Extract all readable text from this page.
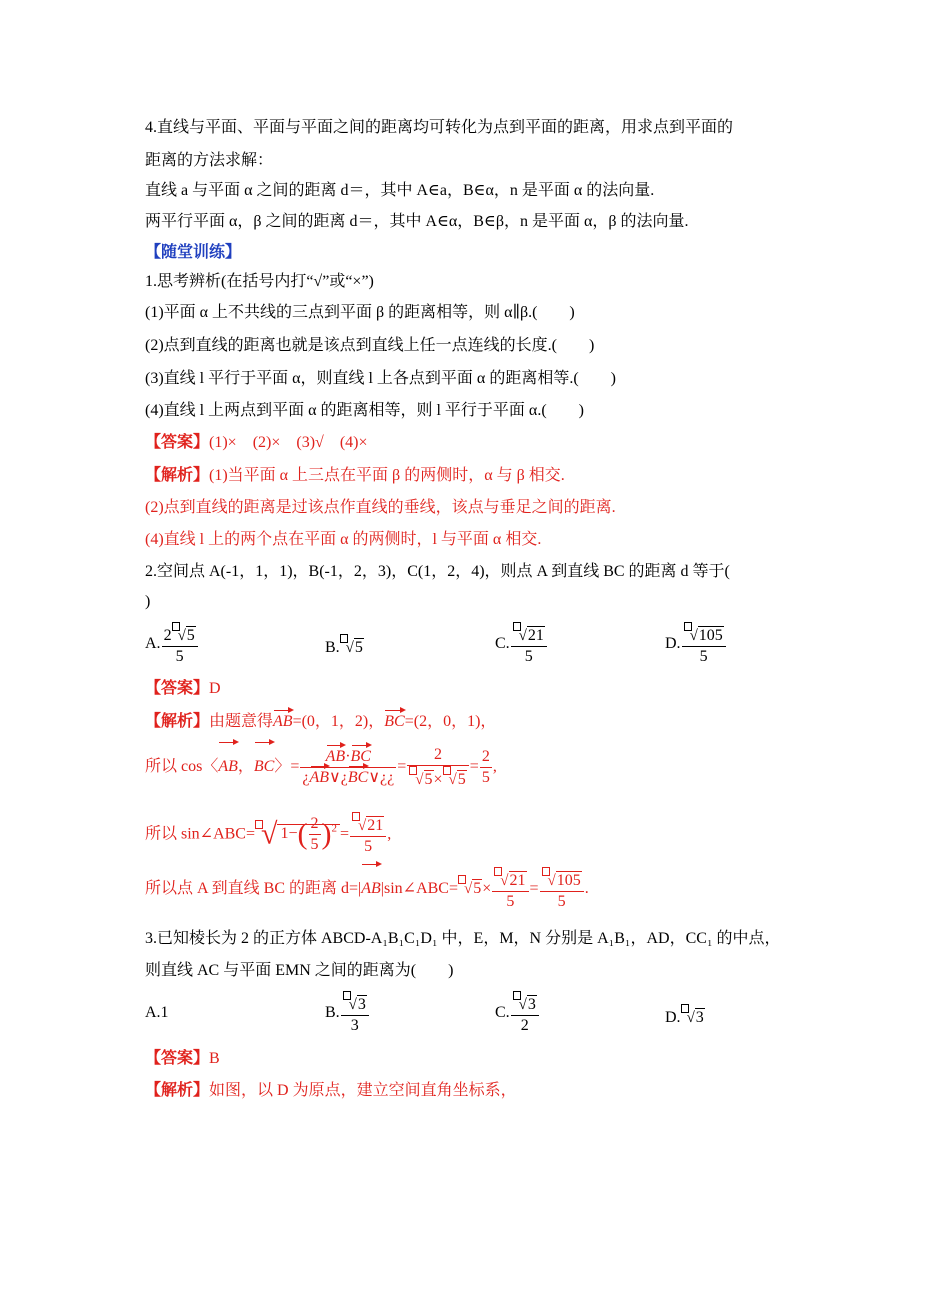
4.直线与平面、平面与平面之间的距离均可转化为点到平面的距离，用求点到平面的
距离的方法求解：
直线 a 与平面 α 之间的距离 d＝，其中 A∈a，B∈α，n 是平面 α 的法向量.
两平行平面 α，β 之间的距离 d＝，其中 A∈α，B∈β，n 是平面 α，β 的法向量.
【随堂训练】
1.思考辨析(在括号内打“√”或“×”)
(1)平面 α 上不共线的三点到平面 β 的距离相等，则 α∥β.(　　)
(2)点到直线的距离也就是该点到直线上任一点连线的长度.(　　)
(3)直线 l 平行于平面 α，则直线 l 上各点到平面 α 的距离相等.(　　)
(4)直线 l 上两点到平面 α 的距离相等，则 l 平行于平面 α.(　　)
【答案】(1)×　(2)×　(3)√　(4)×
【解析】(1)当平面 α 上三点在平面 β 的两侧时，α 与 β 相交.
(2)点到直线的距离是过该点作直线的垂线，该点与垂足之间的距离.
(4)直线 l 上的两个点在平面 α 的两侧时，l 与平面 α 相交.
2.空间点 A(-1，1，1)，B(-1，2，3)，C(1，2，4)，则点 A 到直线 BC 的距离 d 等于(
)
A. $\frac{2 √5}{5}$	B. √5	C. $\frac{√21}{5}$	D. $\frac{√105}{5}$
【答案】D
【解析】由题意得AB=(0，1，2)，BC=(2，0，1)，
所以 cos〈AB，BC〉= $\frac{AB\cdot BC}{¿AB\vee¿BC\vee¿¿} = \frac{2}{√5\times √5} = \frac{2}{5}$ ,
所以 sin∠ABC= √ $1-( \frac{2}{5} )^2 = \frac{√21}{5}$ ,
所以点 A 到直线 BC 的距离 d=|AB|sin∠ABC= $√5\times \frac{√21}{5} = \frac{√105}{5}$ .
3.已知棱长为 2 的正方体 ABCD-A₁B₁C₁D₁ 中，E，M，N 分别是 A₁B₁，AD，CC₁ 的中点，
则直线 AC 与平面 EMN 之间的距离为(　　)
A.1	B. $\frac{√3}{3}$	C. $\frac{√3}{2}$	D. √3
【答案】B
【解析】如图，以 D 为原点，建立空间直角坐标系，
